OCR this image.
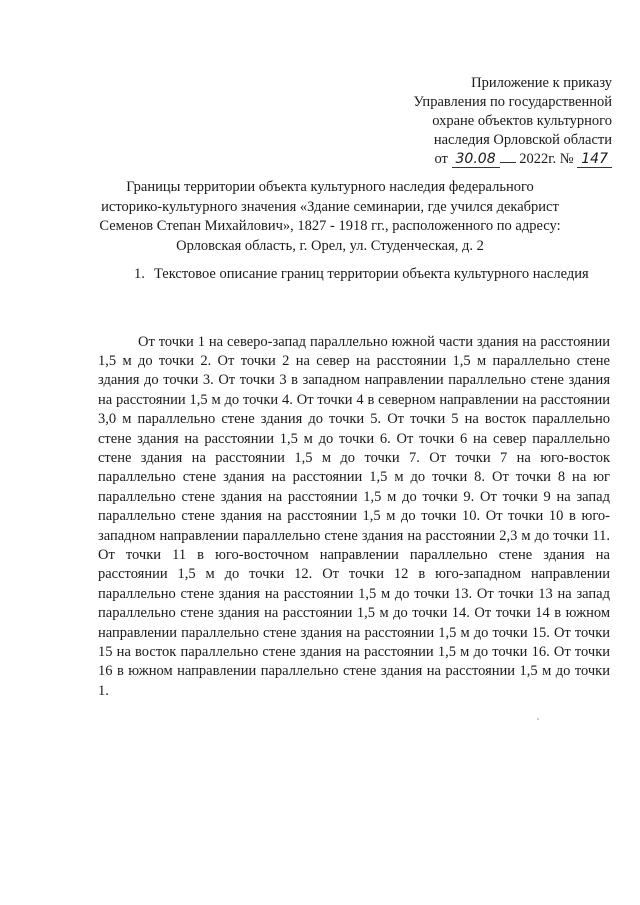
Приложение к приказу
Управления по государственной
охране объектов культурного
наследия Орловской области
от 30.08 2022г. № 147
Границы территории объекта культурного наследия федерального
историко-культурного значения «Здание семинарии, где учился декабрист
Семенов Степан Михайлович», 1827 - 1918 гг., расположенного по адресу:
Орловская область, г. Орел, ул. Студенческая, д. 2
1. Текстовое описание границ территории объекта культурного наследия

От точки 1 на северо-запад параллельно южной части здания на расстоянии 1,5 м до точки 2. От точки 2 на север на расстоянии 1,5 м параллельно стене здания до точки 3. От точки 3 в западном направлении параллельно стене здания на расстоянии 1,5 м до точки 4. От точки 4 в северном направлении на расстоянии 3,0 м параллельно стене здания до точки 5. От точки 5 на восток параллельно стене здания на расстоянии 1,5 м до точки 6. От точки 6 на север параллельно стене здания на расстоянии 1,5 м до точки 7. От точки 7 на юго-восток параллельно стене здания на расстоянии 1,5 м до точки 8. От точки 8 на юг параллельно стене здания на расстоянии 1,5 м до точки 9. От точки 9 на запад параллельно стене здания на расстоянии 1,5 м до точки 10. От точки 10 в юго-западном направлении параллельно стене здания на расстоянии 2,3 м до точки 11. От точки 11 в юго-восточном направлении параллельно стене здания на расстоянии 1,5 м до точки 12. От точки 12 в юго-западном направлении параллельно стене здания на расстоянии 1,5 м до точки 13. От точки 13 на запад параллельно стене здания на расстоянии 1,5 м до точки 14. От точки 14 в южном направлении параллельно стене здания на расстоянии 1,5 м до точки 15. От точки 15 на восток параллельно стене здания на расстоянии 1,5 м до точки 16. От точки 16 в южном направлении параллельно стене здания на расстоянии 1,5 м до точки 1.
